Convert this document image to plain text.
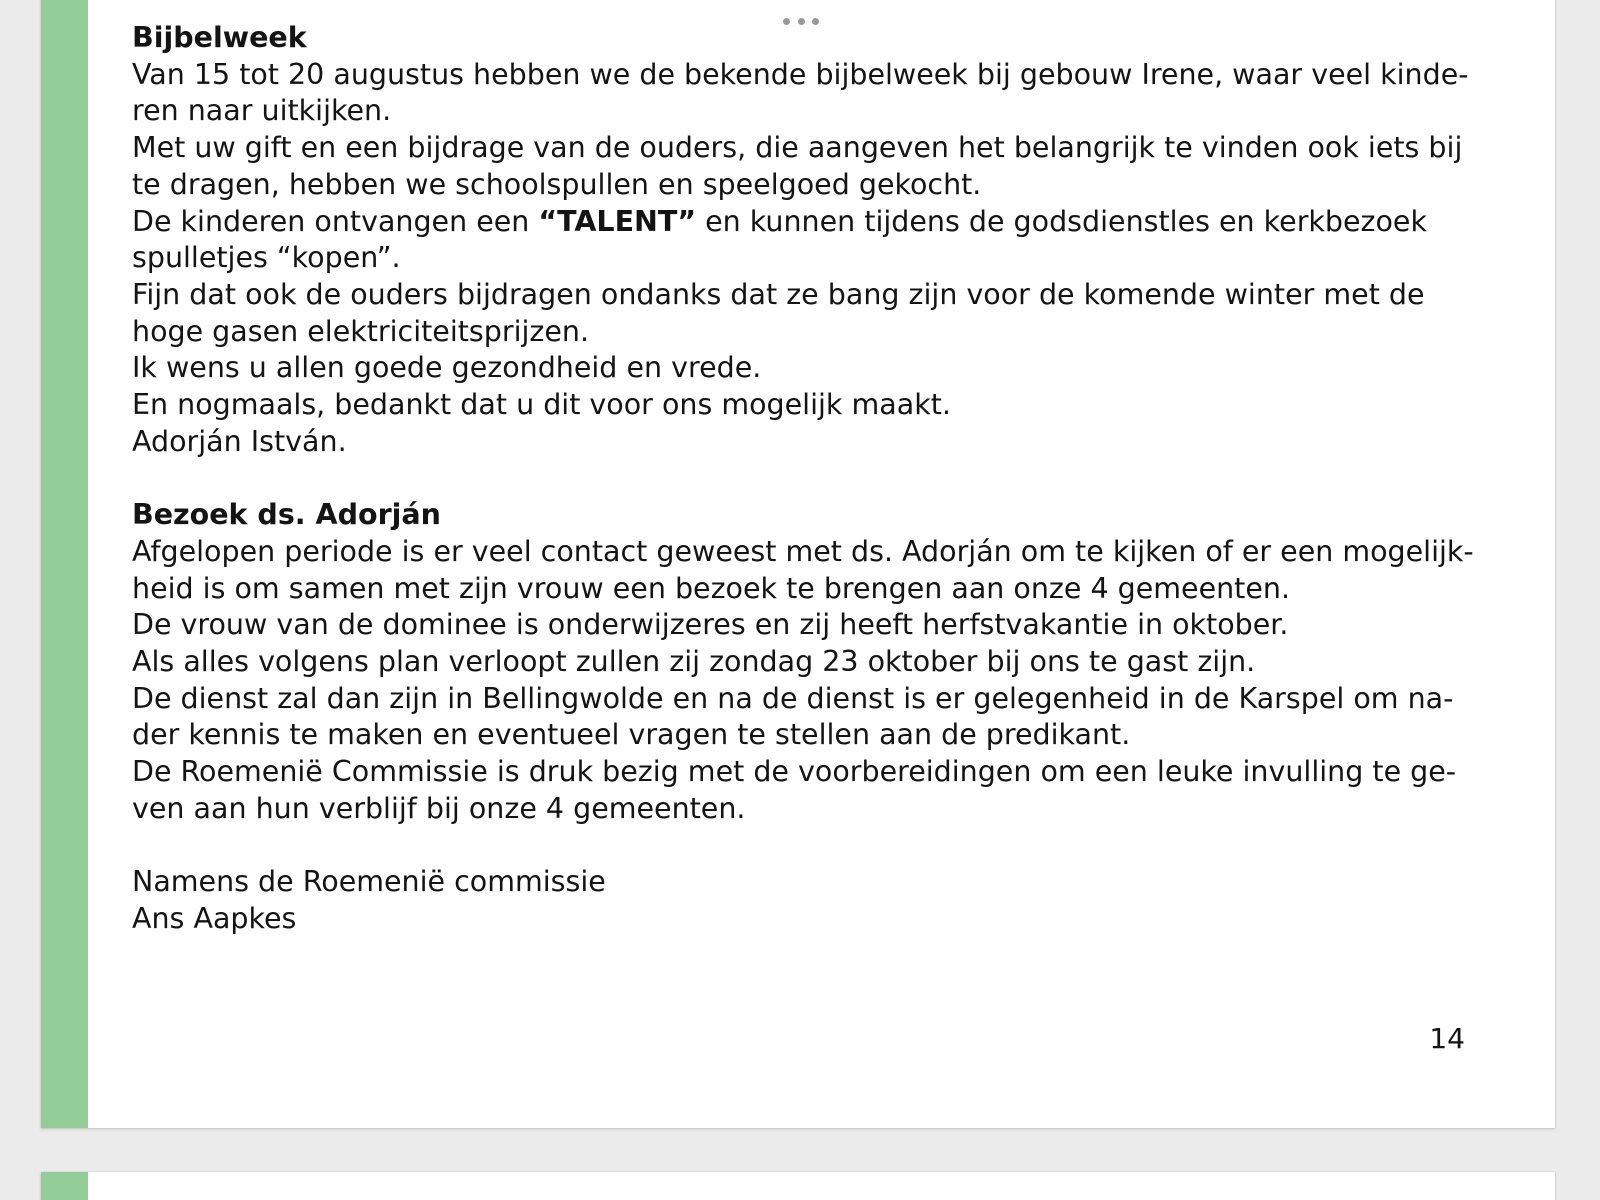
Bijbelweek

Van 15 tot 20 augustus hebben we de bekende bijbelweek bij gebouw Irene, waar veel kinde-

ren naar uitkijken.

Met uw gift en een bijdrage van de ouders, die aangeven het belangrijk te vinden ook iets bij

te dragen, hebben we schoolspullen en speelgoed gekocht.

De kinderen ontvangen een “TALENT” en kunnen tijdens de godsdienstles en kerkbezoek

spulletjes “kopen”.

Fijn dat ook de ouders bijdragen ondanks dat ze bang zijn voor de komende winter met de

hoge gasen elektriciteitsprijzen.

Ik wens u allen goede gezondheid en vrede.

En nogmaals, bedankt dat u dit voor ons mogelijk maakt.

Adorján István.

Bezoek ds. Adorján

Afgelopen periode is er veel contact geweest met ds. Adorján om te kijken of er een mogelijk-

heid is om samen met zijn vrouw een bezoek te brengen aan onze 4 gemeenten.

De vrouw van de dominee is onderwijzeres en zij heeft herfstvakantie in oktober.

Als alles volgens plan verloopt zullen zij zondag 23 oktober bij ons te gast zijn.

De dienst zal dan zijn in Bellingwolde en na de dienst is er gelegenheid in de Karspel om na-

der kennis te maken en eventueel vragen te stellen aan de predikant.

De Roemenië Commissie is druk bezig met de voorbereidingen om een leuke invulling te ge-

ven aan hun verblijf bij onze 4 gemeenten.

Namens de Roemenië commissie

Ans Aapkes

14
